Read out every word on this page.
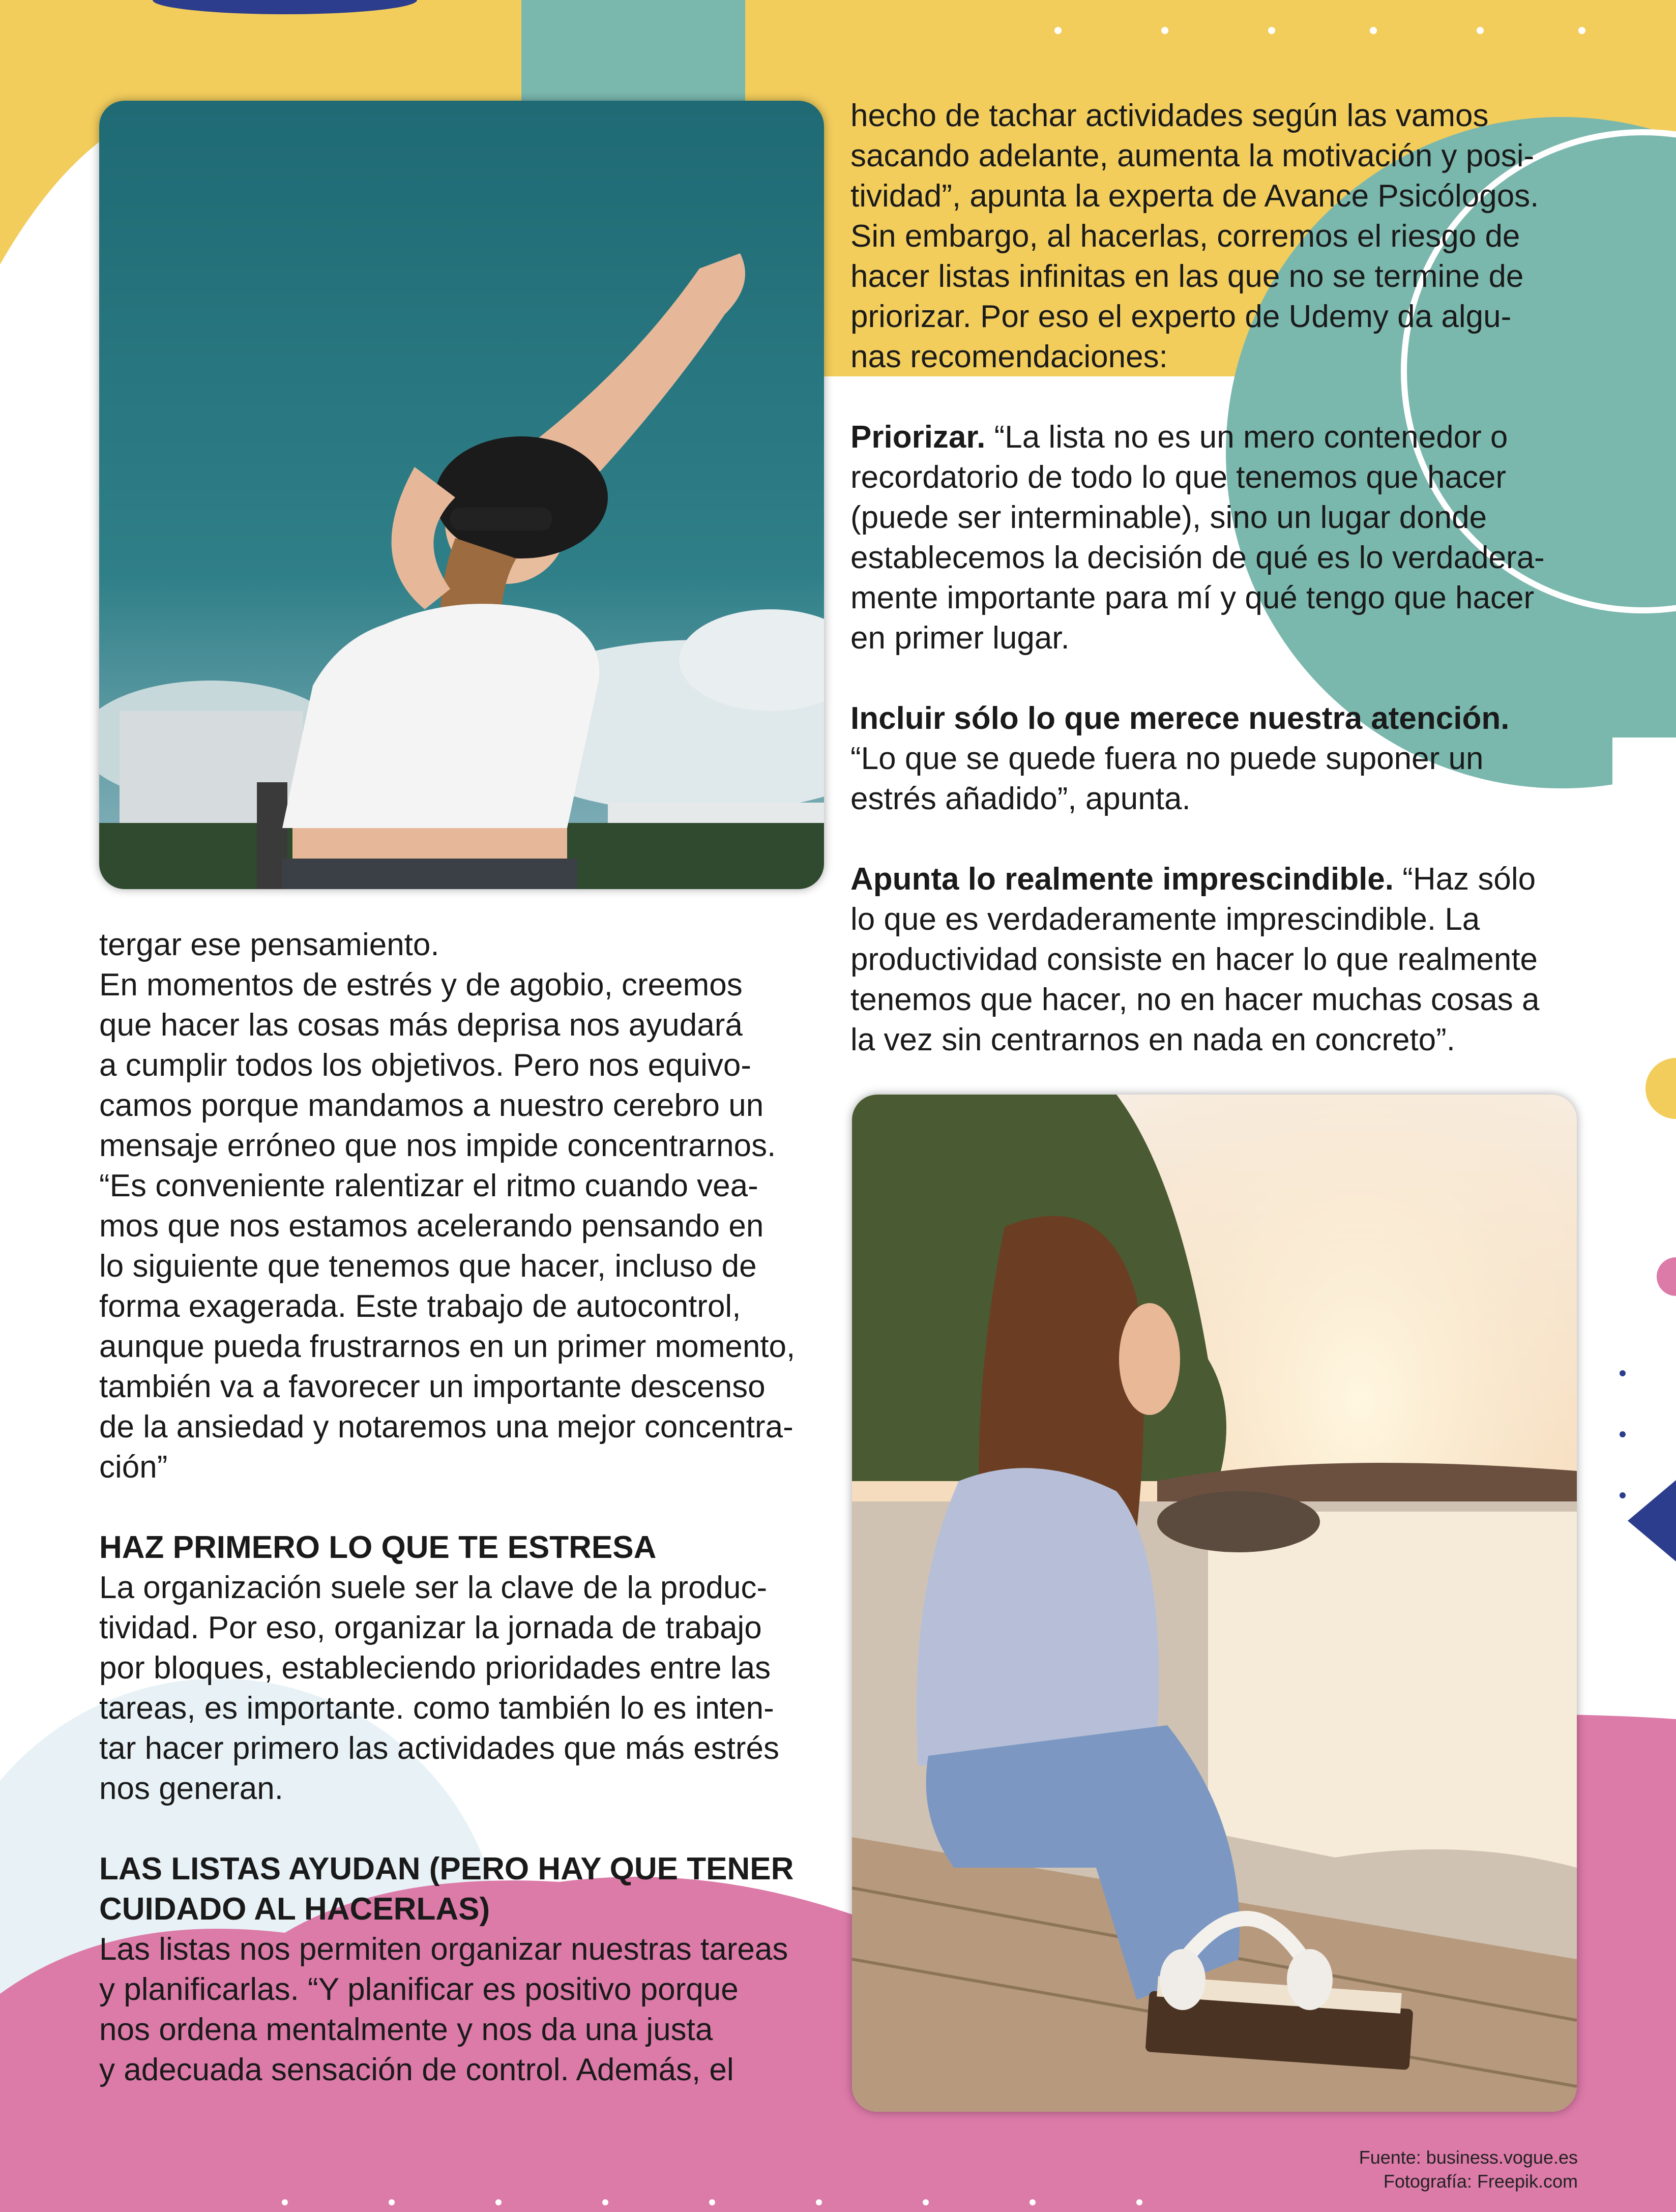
tergar ese pensamiento.

En momentos de estrés y de agobio, creemos

que hacer las cosas más deprisa nos ayudará

a cumplir todos los objetivos. Pero nos equivo-

camos porque mandamos a nuestro cerebro un

mensaje erróneo que nos impide concentrarnos.

“Es conveniente ralentizar el ritmo cuando vea-

mos que nos estamos acelerando pensando en

lo siguiente que tenemos que hacer, incluso de

forma exagerada. Este trabajo de autocontrol,

aunque pueda frustrarnos en un primer momento,

también va a favorecer un importante descenso

de la ansiedad y notaremos una mejor concentra-

ción”

HAZ PRIMERO LO QUE TE ESTRESA

La organización suele ser la clave de la produc-

tividad. Por eso, organizar la jornada de trabajo

por bloques, estableciendo prioridades entre las

tareas, es importante. como también lo es inten-

tar hacer primero las actividades que más estrés

nos generan.

LAS LISTAS AYUDAN (PERO HAY QUE TENER

CUIDADO AL HACERLAS)

Las listas nos permiten organizar nuestras tareas

y planificarlas. “Y planificar es positivo porque

nos ordena mentalmente y nos da una justa

y adecuada sensación de control. Además, el

hecho de tachar actividades según las vamos

sacando adelante, aumenta la motivación y posi-

tividad”, apunta la experta de Avance Psicólogos.

Sin embargo, al hacerlas, corremos el riesgo de

hacer listas infinitas en las que no se termine de

priorizar. Por eso el experto de Udemy da algu-

nas recomendaciones:

Priorizar. “La lista no es un mero contenedor o

recordatorio de todo lo que tenemos que hacer

(puede ser interminable), sino un lugar donde

establecemos la decisión de qué es lo verdadera-

mente importante para mí y qué tengo que hacer

en primer lugar.

Incluir sólo lo que merece nuestra atención.

“Lo que se quede fuera no puede suponer un

estrés añadido”, apunta.

Apunta lo realmente imprescindible. “Haz sólo

lo que es verdaderamente imprescindible. La

productividad consiste en hacer lo que realmente

tenemos que hacer, no en hacer muchas cosas a

la vez sin centrarnos en nada en concreto”.

Fuente: business.vogue.es
Fotografía: Freepik.com
